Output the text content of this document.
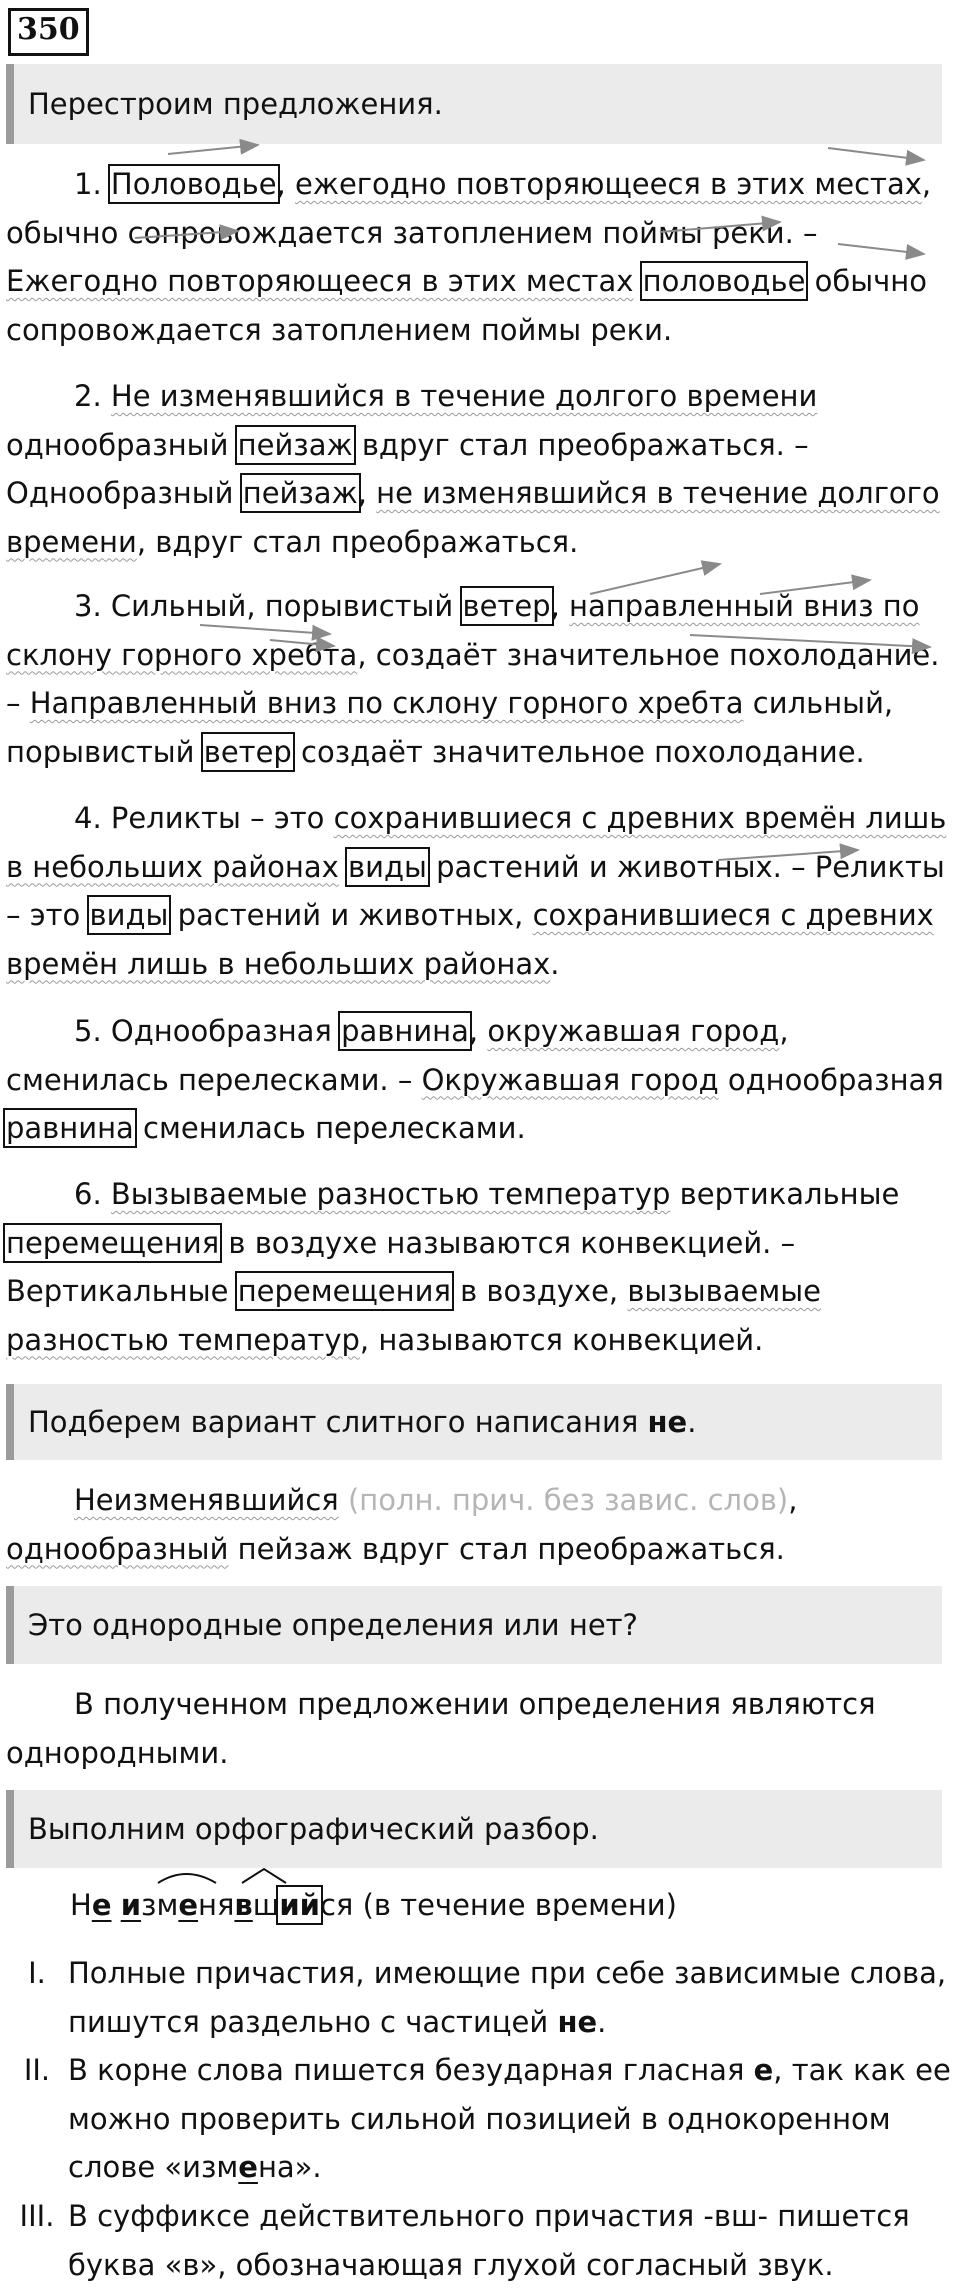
350
Перестроим предложения.
1. Половодье, ежегодно повторяющееся в этих местах, обычно сопровождается затоплением поймы реки. – Ежегодно повторяющееся в этих местах половодье обычно сопровождается затоплением поймы реки.
2. Не изменявшийся в течение долгого времени однообразный пейзаж вдруг стал преображаться. – Однообразный пейзаж, не изменявшийся в течение долгого времени, вдруг стал преображаться.
3. Сильный, порывистый ветер, направленный вниз по склону горного хребта, создаёт значительное похолодание. – Направленный вниз по склону горного хребта сильный, порывистый ветер создаёт значительное похолодание.
4. Реликты – это сохранившиеся с древних времён лишь в небольших районах виды растений и животных. – Реликты – это виды растений и животных, сохранившиеся с древних времён лишь в небольших районах.
5. Однообразная равнина, окружавшая город, сменилась перелесками. – Окружавшая город однообразная равнина сменилась перелесками.
6. Вызываемые разностью температур вертикальные перемещения в воздухе называются конвекцией. – Вертикальные перемещения в воздухе, вызываемые разностью температур, называются конвекцией.
Подберем вариант слитного написания не.
Неизменявшийся (полн. прич. без завис. слов),
однообразный пейзаж вдруг стал преображаться.
Это однородные определения или нет?
В полученном предложении определения являются однородными.
Выполним орфографический разбор.
Не изменявшийся
(в течение времени)
I. Полные причастия, имеющие при себе зависимые слова, пишутся раздельно с частицей не.
II. В корне слова пишется безударная гласная е, так как ее можно проверить сильной позицией в однокоренном слове «измена».
III. В суффиксе действительного причастия -вш- пишется буква «в», обозначающая глухой согласный звук.
